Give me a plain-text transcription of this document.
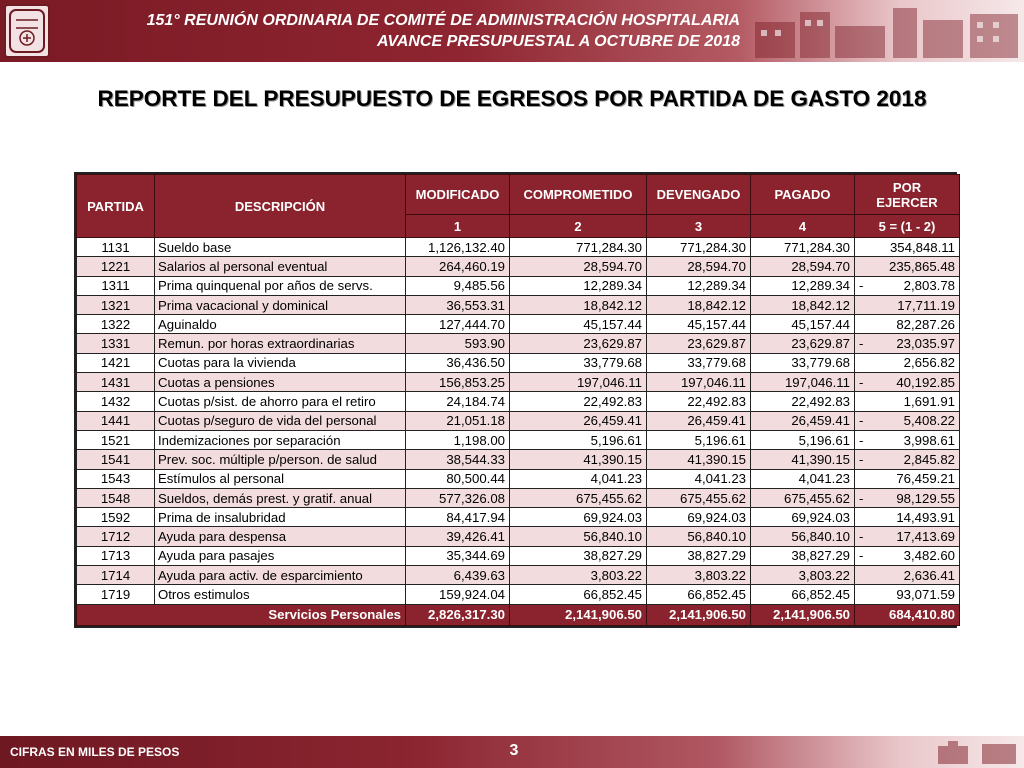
151° REUNIÓN ORDINARIA DE COMITÉ DE ADMINISTRACIÓN HOSPITALARIA
AVANCE PRESUPUESTAL A OCTUBRE DE 2018
REPORTE DEL PRESUPUESTO DE EGRESOS POR PARTIDA DE GASTO 2018
PARTIDA	DESCRIPCIÓN	MODIFICADO	COMPROMETIDO	DEVENGADO	PAGADO	POR
EJERCER

		1	2	3	4	5 = (1 - 2)
1131	Sueldo base	1,126,132.40	771,284.30	771,284.30	771,284.30	354,848.11

1221	Salarios al personal eventual	264,460.19	28,594.70	28,594.70	28,594.70	235,865.48

1311	Prima quinquenal por años de servs.	9,485.56	12,289.34	12,289.34	12,289.34	- 2,803.78

1321	Prima vacacional y dominical	36,553.31	18,842.12	18,842.12	18,842.12	17,711.19

1322	Aguinaldo	127,444.70	45,157.44	45,157.44	45,157.44	82,287.26

1331	Remun. por horas extraordinarias	593.90	23,629.87	23,629.87	23,629.87	- 23,035.97

1421	Cuotas para la vivienda	36,436.50	33,779.68	33,779.68	33,779.68	2,656.82

1431	Cuotas a pensiones	156,853.25	197,046.11	197,046.11	197,046.11	- 40,192.85

1432	Cuotas p/sist. de ahorro para el retiro	24,184.74	22,492.83	22,492.83	22,492.83	1,691.91

1441	Cuotas p/seguro de vida del personal	21,051.18	26,459.41	26,459.41	26,459.41	- 5,408.22

1521	Indemizaciones por separación	1,198.00	5,196.61	5,196.61	5,196.61	- 3,998.61

1541	Prev. soc. múltiple p/person. de salud	38,544.33	41,390.15	41,390.15	41,390.15	- 2,845.82

1543	Estímulos al personal	80,500.44	4,041.23	4,041.23	4,041.23	76,459.21

1548	Sueldos, demás prest. y gratif. anual	577,326.08	675,455.62	675,455.62	675,455.62	- 98,129.55

1592	Prima de insalubridad	84,417.94	69,924.03	69,924.03	69,924.03	14,493.91

1712	Ayuda para despensa	39,426.41	56,840.10	56,840.10	56,840.10	- 17,413.69

1713	Ayuda para pasajes	35,344.69	38,827.29	38,827.29	38,827.29	- 3,482.60

1714	Ayuda para activ. de esparcimiento	6,439.63	3,803.22	3,803.22	3,803.22	2,636.41

1719	Otros estimulos	159,924.04	66,852.45	66,852.45	66,852.45	93,071.59

Servicios Personales		2,826,317.30	2,141,906.50	2,141,906.50	2,141,906.50	684,410.80
CIFRAS EN MILES DE PESOS	3
